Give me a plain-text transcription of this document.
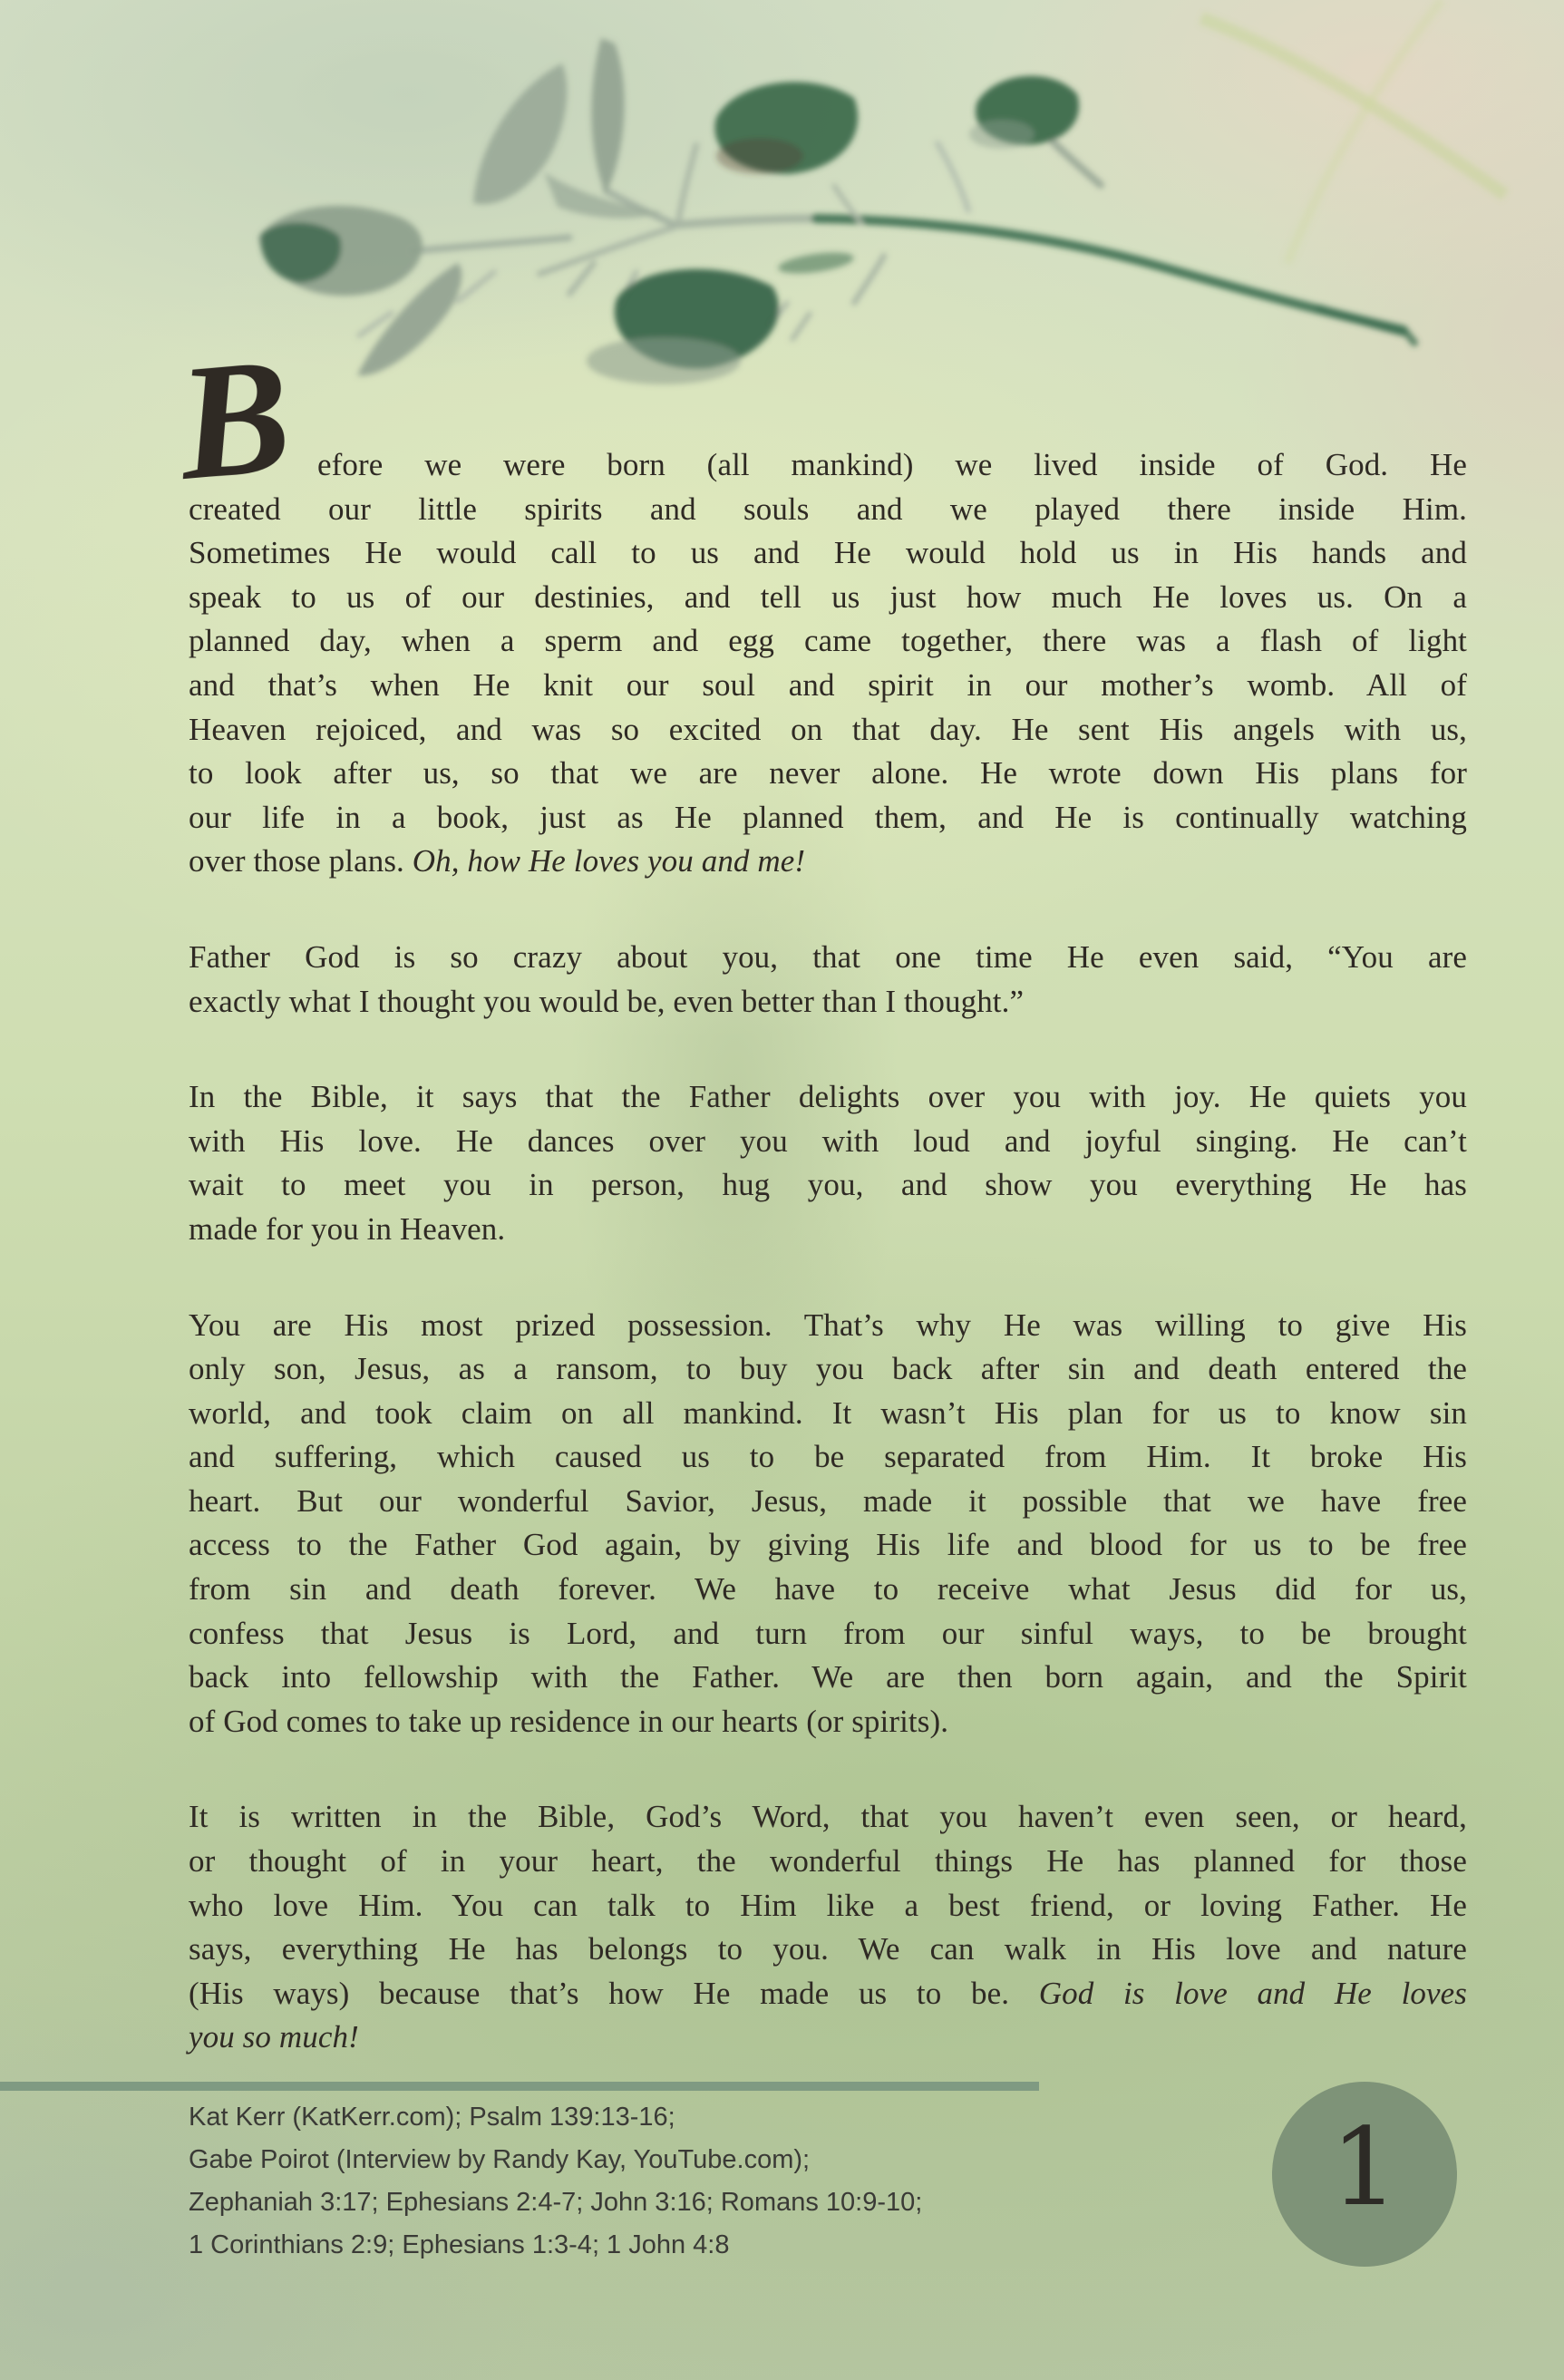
B efore we were born (all mankind) we lived inside of God. He
created our little spirits and souls and we played there inside Him.
Sometimes He would call to us and He would hold us in His hands and
speak to us of our destinies, and tell us just how much He loves us. On a
planned day, when a sperm and egg came together, there was a flash of light
and that’s when He knit our soul and spirit in our mother’s womb. All of
Heaven rejoiced, and was so excited on that day. He sent His angels with us,
to look after us, so that we are never alone. He wrote down His plans for
our life in a book, just as He planned them, and He is continually watching
over those plans. Oh, how He loves you and me!
Father God is so crazy about you, that one time He even said, “You are
exactly what I thought you would be, even better than I thought.”
In the Bible, it says that the Father delights over you with joy. He quiets you
with His love. He dances over you with loud and joyful singing. He can’t
wait to meet you in person, hug you, and show you everything He has
made for you in Heaven.
You are His most prized possession. That’s why He was willing to give His
only son, Jesus, as a ransom, to buy you back after sin and death entered the
world, and took claim on all mankind. It wasn’t His plan for us to know sin
and suffering, which caused us to be separated from Him. It broke His
heart. But our wonderful Savior, Jesus, made it possible that we have free
access to the Father God again, by giving His life and blood for us to be free
from sin and death forever. We have to receive what Jesus did for us,
confess that Jesus is Lord, and turn from our sinful ways, to be brought
back into fellowship with the Father. We are then born again, and the Spirit
of God comes to take up residence in our hearts (or spirits).
It is written in the Bible, God’s Word, that you haven’t even seen, or heard,
or thought of in your heart, the wonderful things He has planned for those
who love Him. You can talk to Him like a best friend, or loving Father. He
says, everything He has belongs to you. We can walk in His love and nature
(His ways) because that’s how He made us to be. God is love and He loves
you so much!
Kat Kerr (KatKerr.com); Psalm 139:13-16;
Gabe Poirot (Interview by Randy Kay, YouTube.com);
Zephaniah 3:17; Ephesians 2:4-7; John 3:16; Romans 10:9-10;
1 Corinthians 2:9; Ephesians 1:3-4; 1 John 4:8
1
